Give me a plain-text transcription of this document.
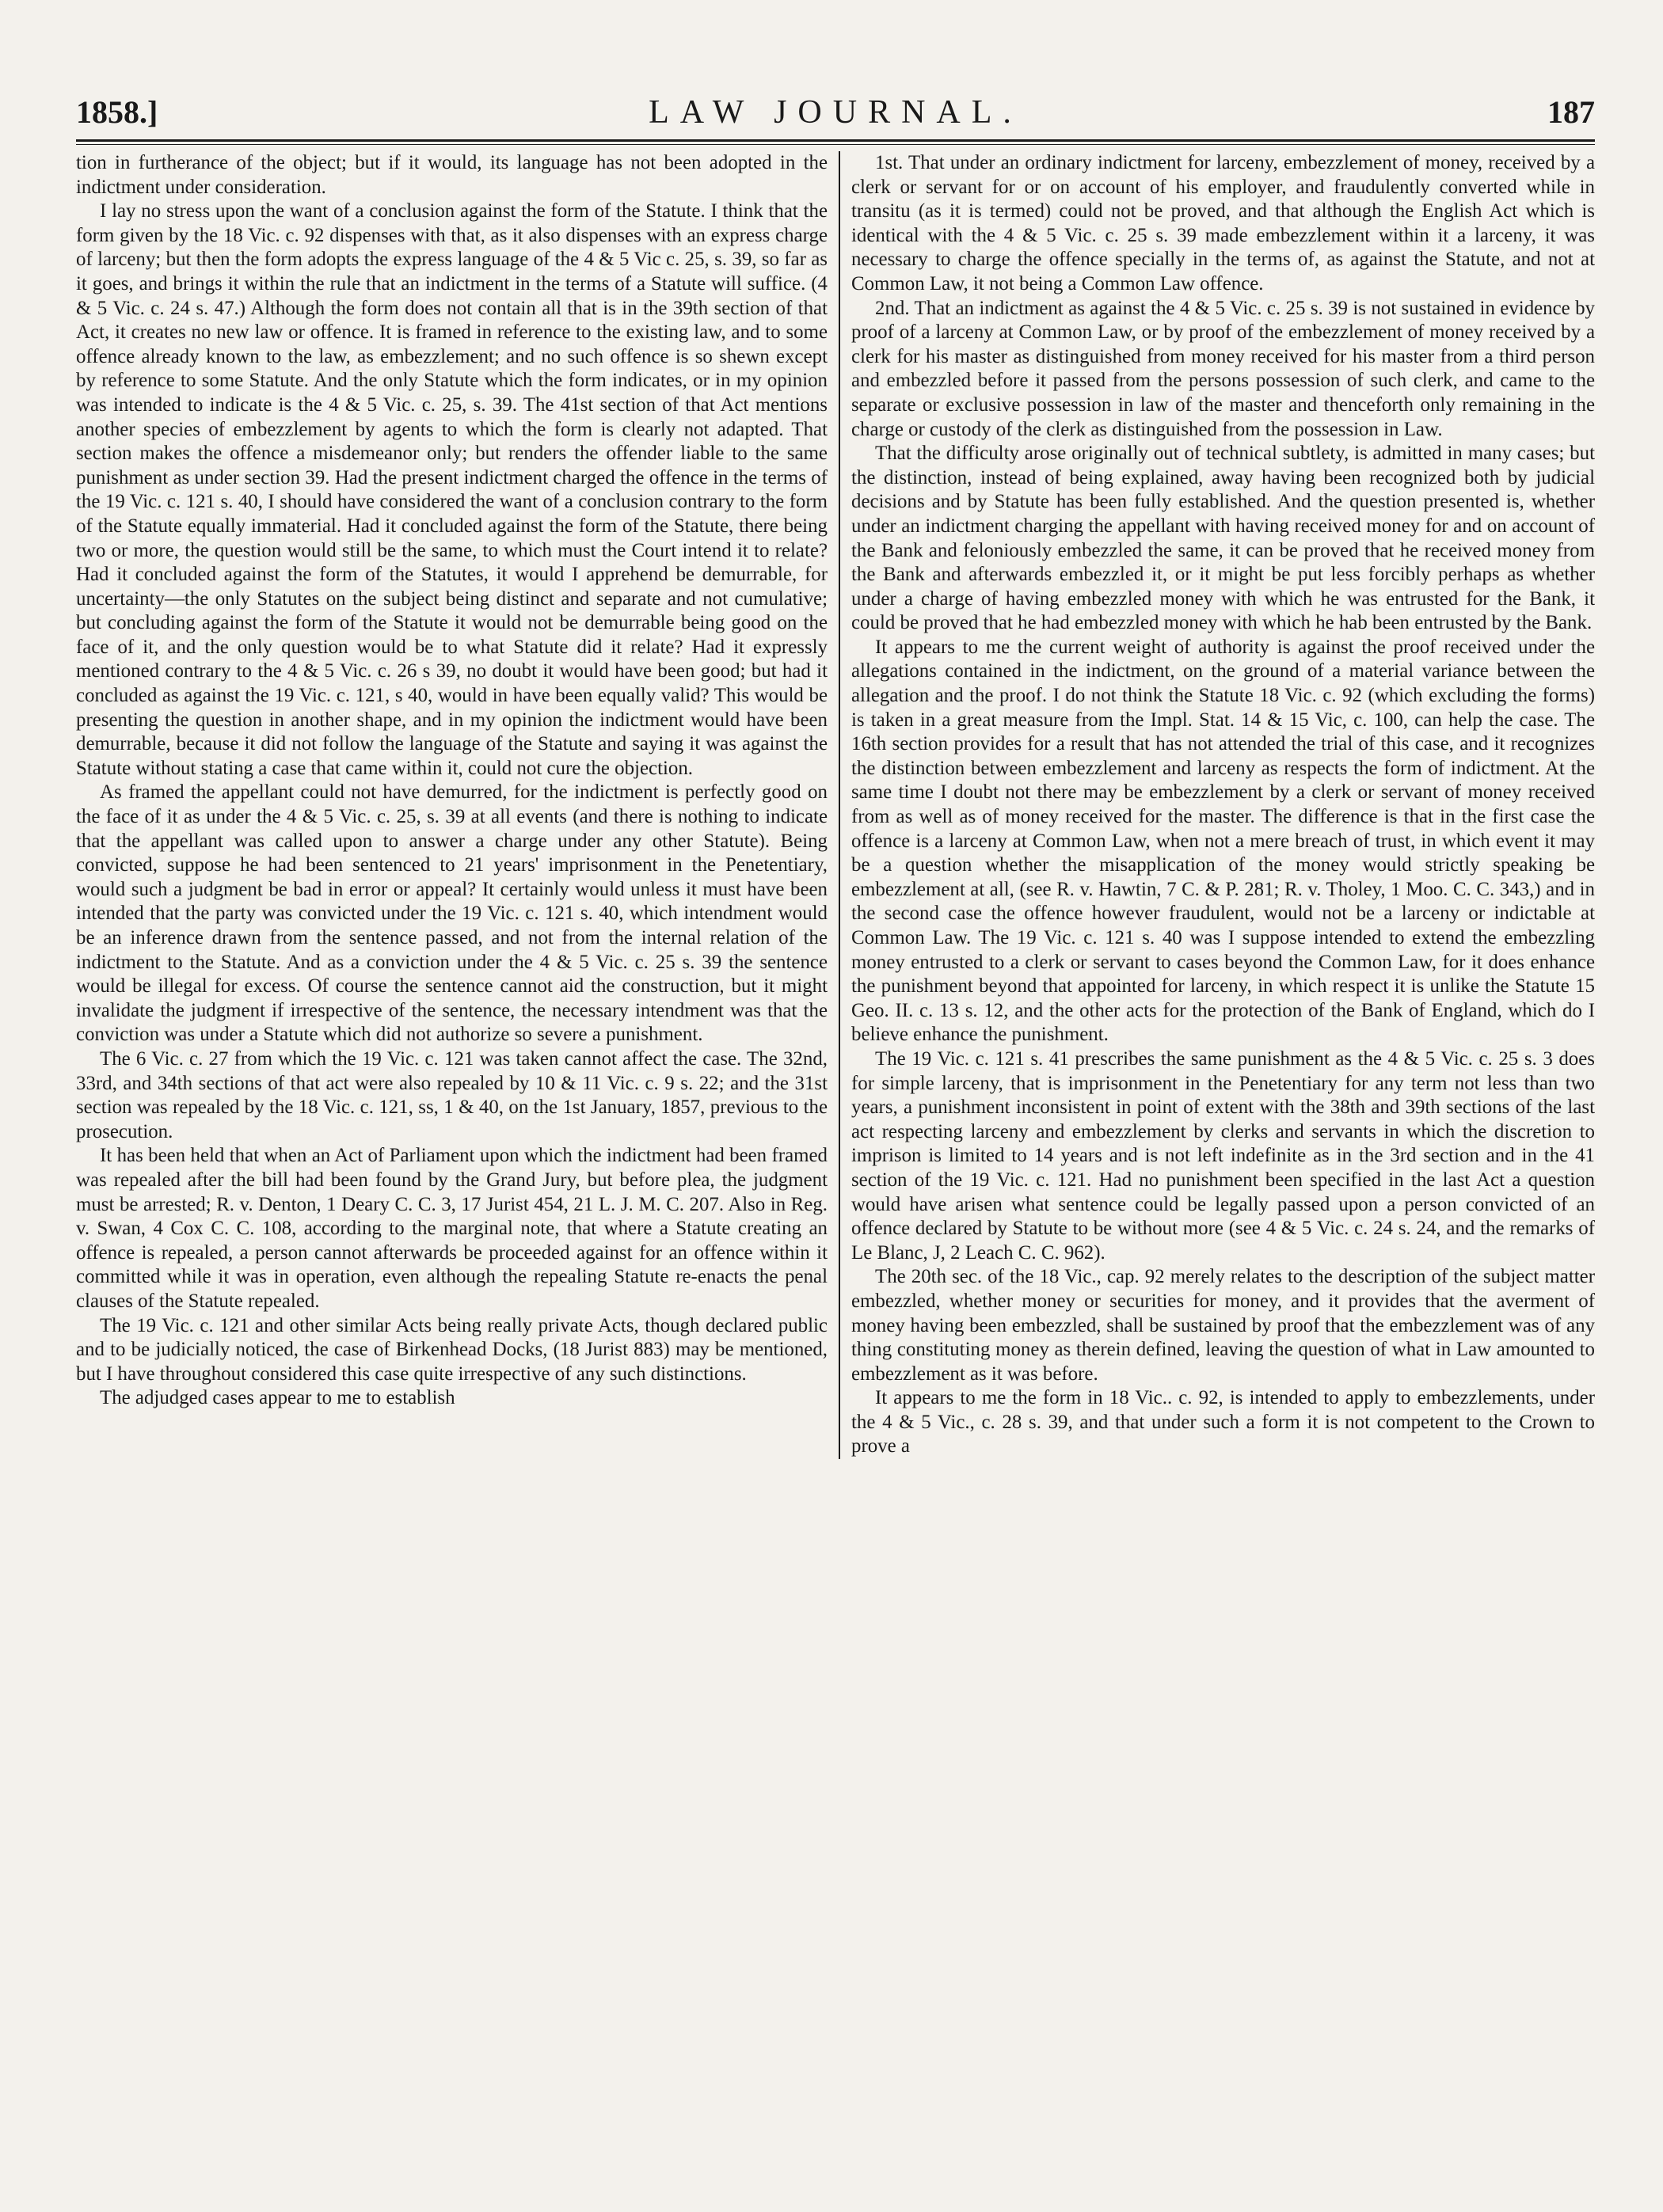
1858.]	LAW JOURNAL.	187

tion in furtherance of the object; but if it would, its language has not been adopted in the indictment under consideration.

I lay no stress upon the want of a conclusion against the form of the Statute. I think that the form given by the 18 Vic. c. 92 dispenses with that, as it also dispenses with an express charge of larceny; but then the form adopts the express language of the 4 & 5 Vic c. 25, s. 39, so far as it goes, and brings it within the rule that an indictment in the terms of a Statute will suffice. (4 & 5 Vic. c. 24 s. 47.) Although the form does not contain all that is in the 39th section of that Act, it creates no new law or offence. It is framed in reference to the existing law, and to some offence already known to the law, as embezzlement; and no such offence is so shewn except by reference to some Statute. And the only Statute which the form indicates, or in my opinion was intended to indicate is the 4 & 5 Vic. c. 25, s. 39. The 41st section of that Act mentions another species of embezzlement by agents to which the form is clearly not adapted. That section makes the offence a misdemeanor only; but renders the offender liable to the same punishment as under section 39. Had the present indictment charged the offence in the terms of the 19 Vic. c. 121 s. 40, I should have considered the want of a conclusion contrary to the form of the Statute equally immaterial. Had it concluded against the form of the Statute, there being two or more, the question would still be the same, to which must the Court intend it to relate? Had it concluded against the form of the Statutes, it would I apprehend be demurrable, for uncertainty—the only Statutes on the subject being distinct and separate and not cumulative; but concluding against the form of the Statute it would not be demurrable being good on the face of it, and the only question would be to what Statute did it relate? Had it expressly mentioned contrary to the 4 & 5 Vic. c. 26 s 39, no doubt it would have been good; but had it concluded as against the 19 Vic. c. 121, s 40, would in have been equally valid? This would be presenting the question in another shape, and in my opinion the indictment would have been demurrable, because it did not follow the language of the Statute and saying it was against the Statute without stating a case that came within it, could not cure the objection.

As framed the appellant could not have demurred, for the indictment is perfectly good on the face of it as under the 4 & 5 Vic. c. 25, s. 39 at all events (and there is nothing to indicate that the appellant was called upon to answer a charge under any other Statute). Being convicted, suppose he had been sentenced to 21 years' imprisonment in the Penetentiary, would such a judgment be bad in error or appeal? It certainly would unless it must have been intended that the party was convicted under the 19 Vic. c. 121 s. 40, which intendment would be an inference drawn from the sentence passed, and not from the internal relation of the indictment to the Statute. And as a conviction under the 4 & 5 Vic. c. 25 s. 39 the sentence would be illegal for excess. Of course the sentence cannot aid the construction, but it might invalidate the judgment if irrespective of the sentence, the necessary intendment was that the conviction was under a Statute which did not authorize so severe a punishment.

The 6 Vic. c. 27 from which the 19 Vic. c. 121 was taken cannot affect the case. The 32nd, 33rd, and 34th sections of that act were also repealed by 10 & 11 Vic. c. 9 s. 22; and the 31st section was repealed by the 18 Vic. c. 121, ss, 1 & 40, on the 1st January, 1857, previous to the prosecution.

It has been held that when an Act of Parliament upon which the indictment had been framed was repealed after the bill had been found by the Grand Jury, but before plea, the judgment must be arrested; R. v. Denton, 1 Deary C. C. 3, 17 Jurist 454, 21 L. J. M. C. 207. Also in Reg. v. Swan, 4 Cox C. C. 108, according to the marginal note, that where a Statute creating an offence is repealed, a person cannot afterwards be proceeded against for an offence within it committed while it was in operation, even although the repealing Statute re-enacts the penal clauses of the Statute repealed.

The 19 Vic. c. 121 and other similar Acts being really private Acts, though declared public and to be judicially noticed, the case of Birkenhead Docks, (18 Jurist 883) may be mentioned, but I have throughout considered this case quite irrespective of any such distinctions.

The adjudged cases appear to me to establish

1st. That under an ordinary indictment for larceny, embezzlement of money, received by a clerk or servant for or on account of his employer, and fraudulently converted while in transitu (as it is termed) could not be proved, and that although the English Act which is identical with the 4 & 5 Vic. c. 25 s. 39 made embezzlement within it a larceny, it was necessary to charge the offence specially in the terms of, as against the Statute, and not at Common Law, it not being a Common Law offence.

2nd. That an indictment as against the 4 & 5 Vic. c. 25 s. 39 is not sustained in evidence by proof of a larceny at Common Law, or by proof of the embezzlement of money received by a clerk for his master as distinguished from money received for his master from a third person and embezzled before it passed from the persons possession of such clerk, and came to the separate or exclusive possession in law of the master and thenceforth only remaining in the charge or custody of the clerk as distinguished from the possession in Law.

That the difficulty arose originally out of technical subtlety, is admitted in many cases; but the distinction, instead of being explained, away having been recognized both by judicial decisions and by Statute has been fully established. And the question presented is, whether under an indictment charging the appellant with having received money for and on account of the Bank and feloniously embezzled the same, it can be proved that he received money from the Bank and afterwards embezzled it, or it might be put less forcibly perhaps as whether under a charge of having embezzled money with which he was entrusted for the Bank, it could be proved that he had embezzled money with which he hab been entrusted by the Bank.

It appears to me the current weight of authority is against the proof received under the allegations contained in the indictment, on the ground of a material variance between the allegation and the proof. I do not think the Statute 18 Vic. c. 92 (which excluding the forms) is taken in a great measure from the Impl. Stat. 14 & 15 Vic, c. 100, can help the case. The 16th section provides for a result that has not attended the trial of this case, and it recognizes the distinction between embezzlement and larceny as respects the form of indictment. At the same time I doubt not there may be embezzlement by a clerk or servant of money received from as well as of money received for the master. The difference is that in the first case the offence is a larceny at Common Law, when not a mere breach of trust, in which event it may be a question whether the misapplication of the money would strictly speaking be embezzlement at all, (see R. v. Hawtin, 7 C. & P. 281; R. v. Tholey, 1 Moo. C. C. 343,) and in the second case the offence however fraudulent, would not be a larceny or indictable at Common Law. The 19 Vic. c. 121 s. 40 was I suppose intended to extend the embezzling money entrusted to a clerk or servant to cases beyond the Common Law, for it does enhance the punishment beyond that appointed for larceny, in which respect it is unlike the Statute 15 Geo. II. c. 13 s. 12, and the other acts for the protection of the Bank of England, which do I believe enhance the punishment.

The 19 Vic. c. 121 s. 41 prescribes the same punishment as the 4 & 5 Vic. c. 25 s. 3 does for simple larceny, that is imprisonment in the Penetentiary for any term not less than two years, a punishment inconsistent in point of extent with the 38th and 39th sections of the last act respecting larceny and embezzlement by clerks and servants in which the discretion to imprison is limited to 14 years and is not left indefinite as in the 3rd section and in the 41 section of the 19 Vic. c. 121. Had no punishment been specified in the last Act a question would have arisen what sentence could be legally passed upon a person convicted of an offence declared by Statute to be without more (see 4 & 5 Vic. c. 24 s. 24, and the remarks of Le Blanc, J, 2 Leach C. C. 962).

The 20th sec. of the 18 Vic., cap. 92 merely relates to the description of the subject matter embezzled, whether money or securities for money, and it provides that the averment of money having been embezzled, shall be sustained by proof that the embezzlement was of any thing constituting money as therein defined, leaving the question of what in Law amounted to embezzlement as it was before.

It appears to me the form in 18 Vic.. c. 92, is intended to apply to embezzlements, under the 4 & 5 Vic., c. 28 s. 39, and that under such a form it is not competent to the Crown to prove a
